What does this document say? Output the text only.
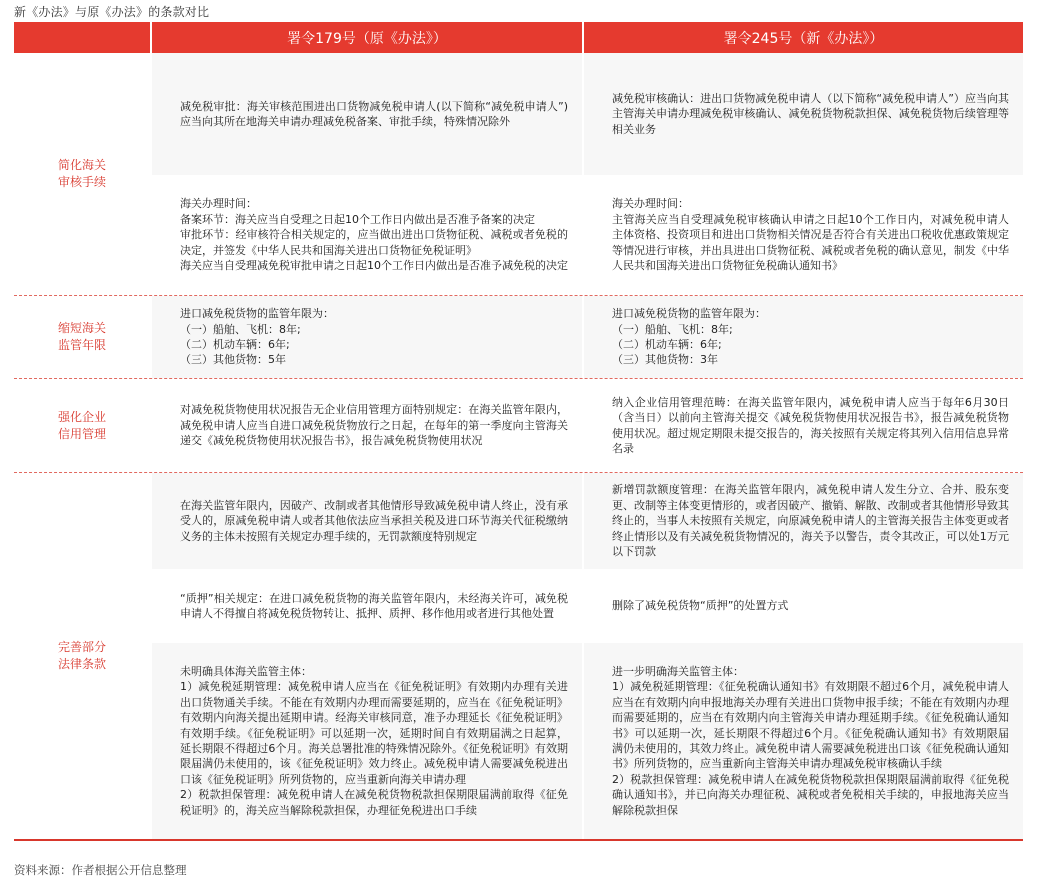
新《办法》与原《办法》的条款对比
署令179号（原《办法》）	署令245号（新《办法》）
简化海关
审核手续
减免税审批：海关审核范围进出口货物减免税申请人(以下简称“减免税申请人”)应当向其所在地海关申请办理减免税备案、审批手续，特殊情况除外
减免税审核确认：进出口货物减免税申请人（以下简称“减免税申请人”）应当向其主管海关申请办理减免税审核确认、减免税货物税款担保、减免税货物后续管理等相关业务
海关办理时间：
备案环节：海关应当自受理之日起10个工作日内做出是否准予备案的决定
审批环节：经审核符合相关规定的，应当做出进出口货物征税、减税或者免税的决定，并签发《中华人民共和国海关进出口货物征免税证明》
海关应当自受理减免税审批申请之日起10个工作日内做出是否准予减免税的决定
海关办理时间：
主管海关应当自受理减免税审核确认申请之日起10个工作日内，对减免税申请人主体资格、投资项目和进出口货物相关情况是否符合有关进出口税收优惠政策规定等情况进行审核，并出具进出口货物征税、减税或者免税的确认意见，制发《中华人民共和国海关进出口货物征免税确认通知书》
缩短海关
监管年限
进口减免税货物的监管年限为：
（一）船舶、飞机：8年;
（二）机动车辆：6年;
（三）其他货物：5年
进口减免税货物的监管年限为：
（一）船舶、飞机：8年;
（二）机动车辆：6年;
（三）其他货物：3年
强化企业
信用管理
对减免税货物使用状况报告无企业信用管理方面特别规定：在海关监管年限内，减免税申请人应当自进口减免税货物放行之日起，在每年的第一季度向主管海关递交《减免税货物使用状况报告书》，报告减免税货物使用状况
纳入企业信用管理范畴：在海关监管年限内，减免税申请人应当于每年6月30日（含当日）以前向主管海关提交《减免税货物使用状况报告书》，报告减免税货物使用状况。超过规定期限未提交报告的，海关按照有关规定将其列入信用信息异常名录
完善部分
法律条款
在海关监管年限内，因破产、改制或者其他情形导致减免税申请人终止，没有承受人的，原减免税申请人或者其他依法应当承担关税及进口环节海关代征税缴纳义务的主体未按照有关规定办理手续的，无罚款额度特别规定
新增罚款额度管理：在海关监管年限内，减免税申请人发生分立、合并、股东变更、改制等主体变更情形的，或者因破产、撤销、解散、改制或者其他情形导致其终止的，当事人未按照有关规定，向原减免税申请人的主管海关报告主体变更或者终止情形以及有关减免税货物情况的，海关予以警告，责令其改正，可以处1万元以下罚款
“质押”相关规定：在进口减免税货物的海关监管年限内，未经海关许可，减免税申请人不得擅自将减免税货物转让、抵押、质押、移作他用或者进行其他处置
删除了减免税货物“质押”的处置方式
未明确具体海关监管主体：
1）减免税延期管理：减免税申请人应当在《征免税证明》有效期内办理有关进出口货物通关手续。不能在有效期内办理而需要延期的，应当在《征免税证明》有效期内向海关提出延期申请。经海关审核同意，准予办理延长《征免税证明》有效期手续。《征免税证明》可以延期一次，延期时间自有效期届满之日起算，延长期限不得超过6个月。海关总署批准的特殊情况除外。《征免税证明》有效期限届满仍未使用的，该《征免税证明》效力终止。减免税申请人需要减免税进出口该《征免税证明》所列货物的，应当重新向海关申请办理
2）税款担保管理：减免税申请人在减免税货物税款担保期限届满前取得《征免税证明》的，海关应当解除税款担保，办理征免税进出口手续
进一步明确海关监管主体：
1）减免税延期管理：《征免税确认通知书》有效期限不超过6个月，减免税申请人应当在有效期内向申报地海关办理有关进出口货物申报手续；不能在有效期内办理而需要延期的，应当在有效期内向主管海关申请办理延期手续。《征免税确认通知书》可以延期一次，延长期限不得超过6个月。《征免税确认通知书》有效期限届满仍未使用的，其效力终止。减免税申请人需要减免税进出口该《征免税确认通知书》所列货物的，应当重新向主管海关申请办理减免税审核确认手续
2）税款担保管理：减免税申请人在减免税货物税款担保期限届满前取得《征免税确认通知书》，并已向海关办理征税、减税或者免税相关手续的，申报地海关应当解除税款担保
资料来源：作者根据公开信息整理
